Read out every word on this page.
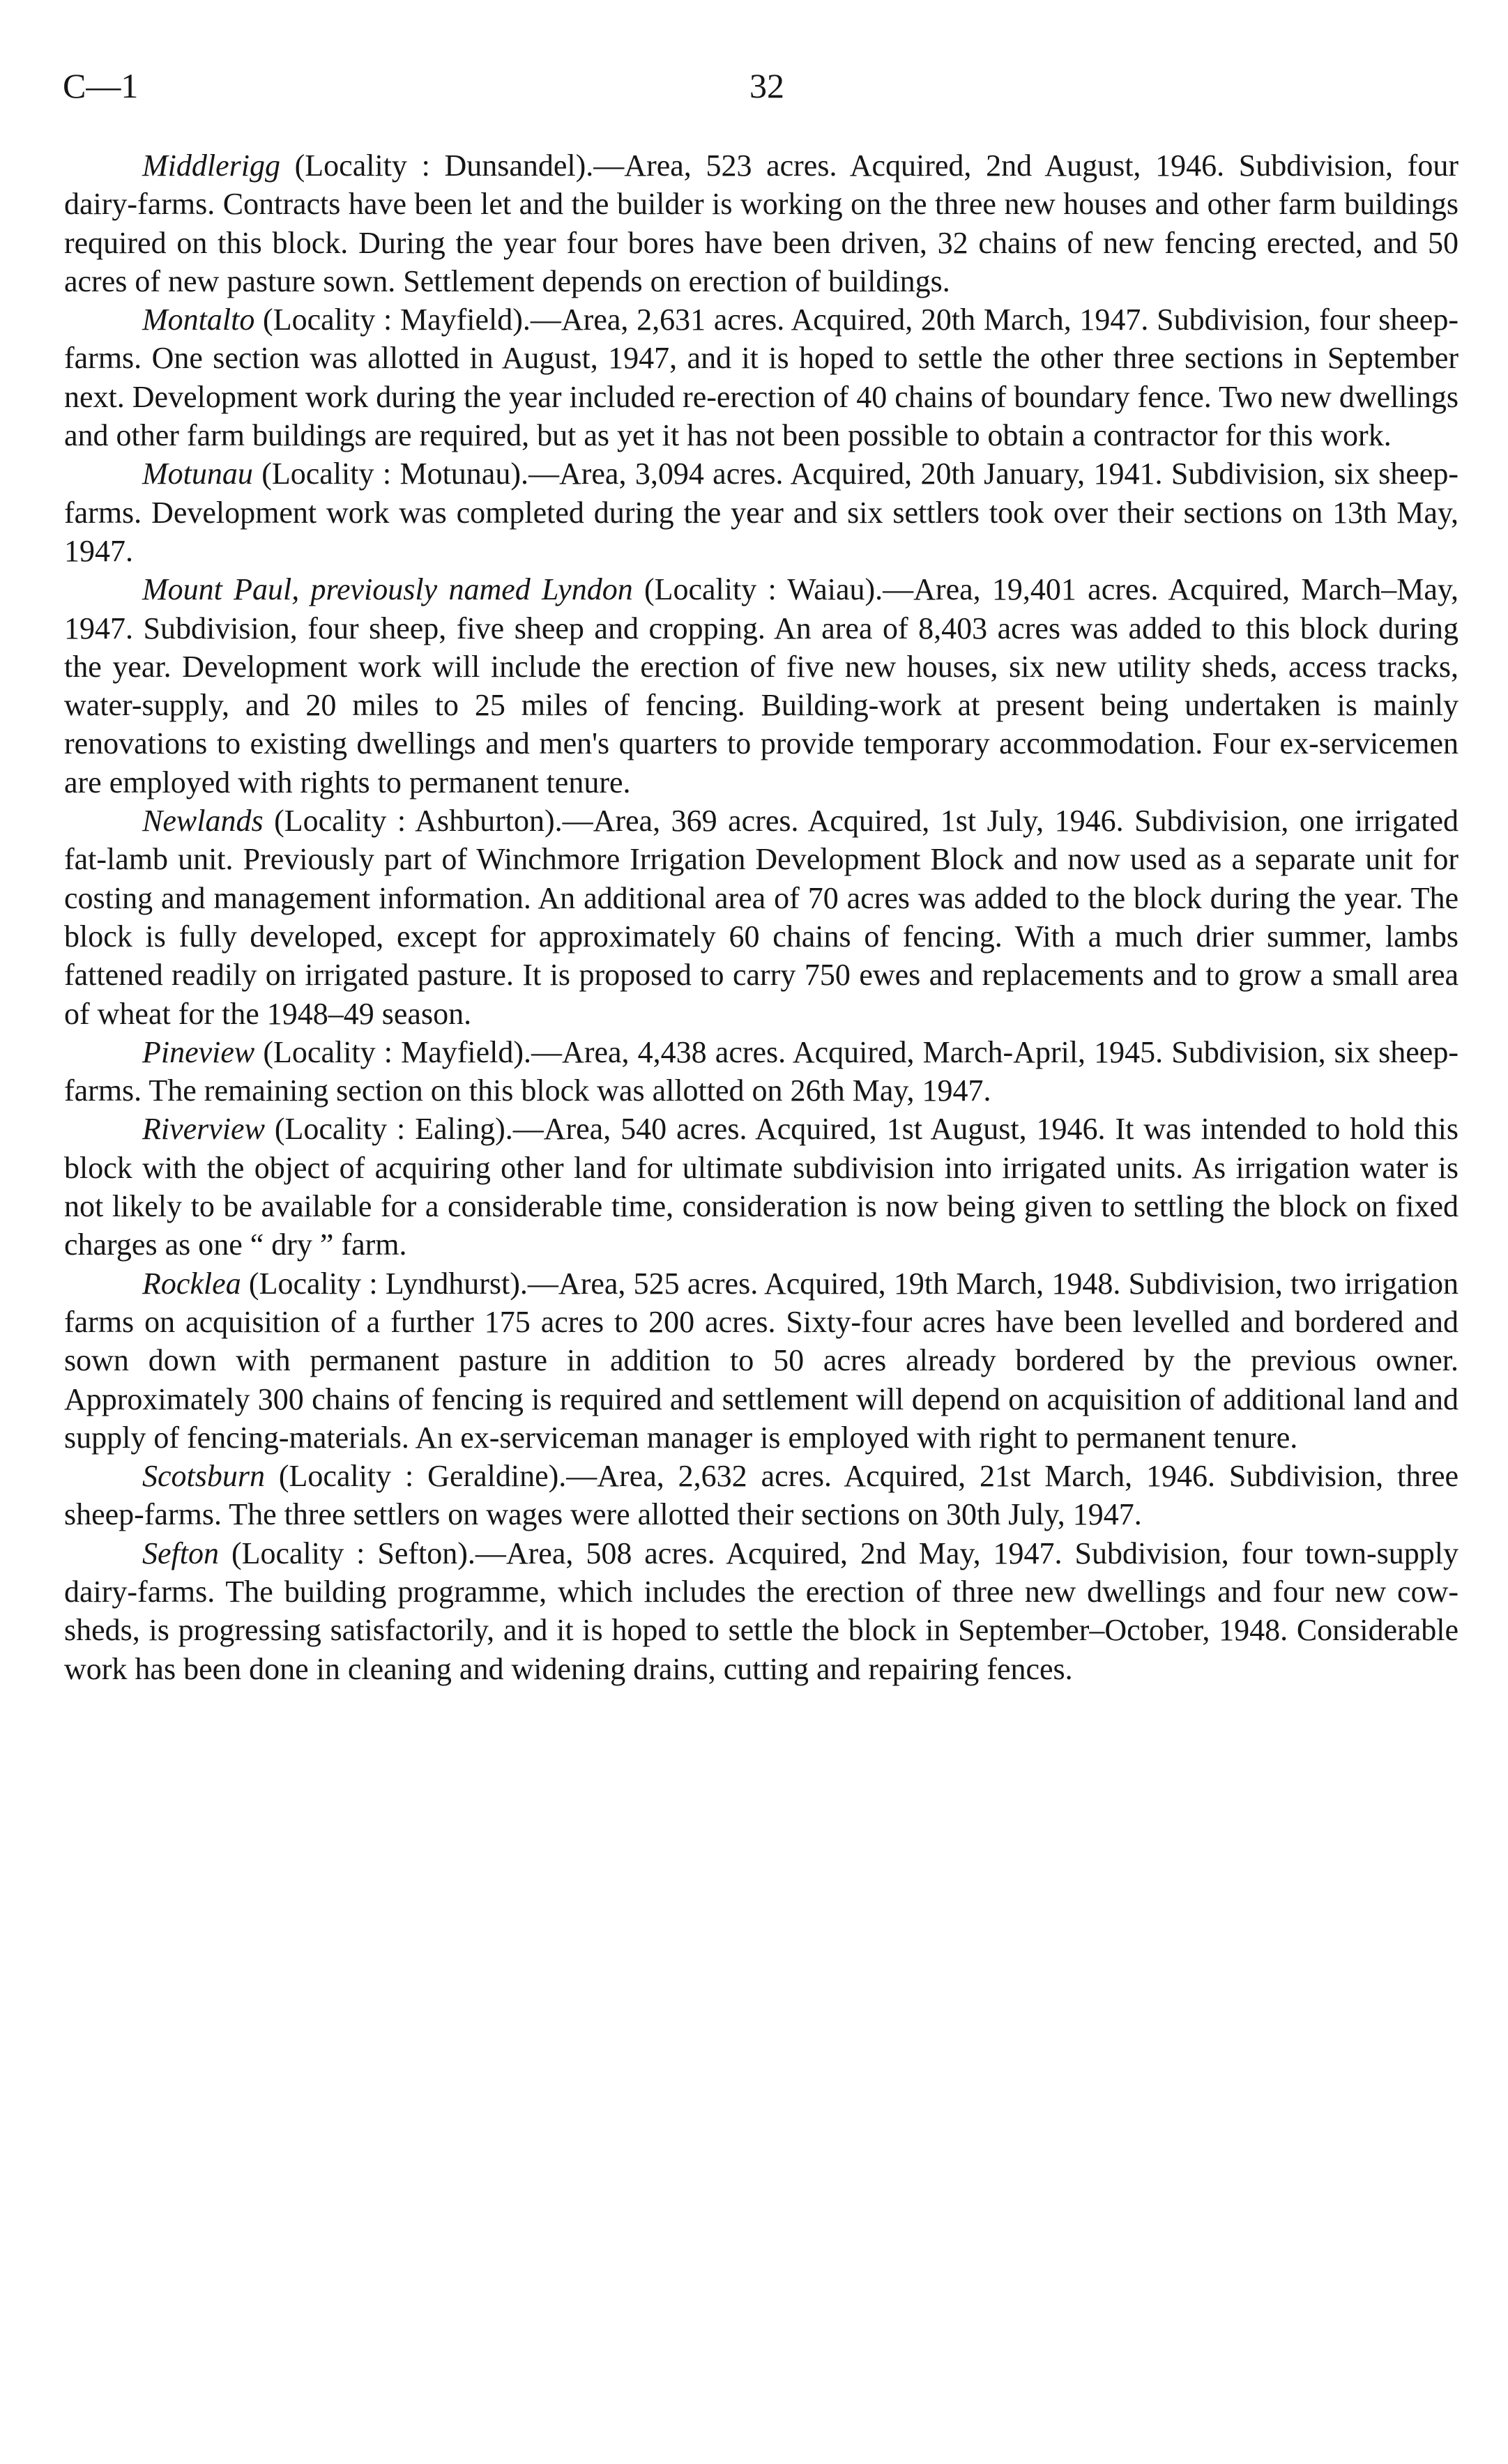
C—1	32

Middlerigg (Locality : Dunsandel).—Area, 523 acres. Acquired, 2nd August, 1946. Subdivision, four dairy-farms. Contracts have been let and the builder is working on the three new houses and other farm buildings required on this block. During the year four bores have been driven, 32 chains of new fencing erected, and 50 acres of new pasture sown. Settlement depends on erection of buildings.

Montalto (Locality : Mayfield).—Area, 2,631 acres. Acquired, 20th March, 1947. Subdivision, four sheep-farms. One section was allotted in August, 1947, and it is hoped to settle the other three sections in September next. Development work during the year included re-erection of 40 chains of boundary fence. Two new dwellings and other farm buildings are required, but as yet it has not been possible to obtain a contractor for this work.

Motunau (Locality : Motunau).—Area, 3,094 acres. Acquired, 20th January, 1941. Subdivision, six sheep-farms. Development work was completed during the year and six settlers took over their sections on 13th May, 1947.

Mount Paul, previously named Lyndon (Locality : Waiau).—Area, 19,401 acres. Acquired, March–May, 1947. Subdivision, four sheep, five sheep and cropping. An area of 8,403 acres was added to this block during the year. Development work will include the erection of five new houses, six new utility sheds, access tracks, water-supply, and 20 miles to 25 miles of fencing. Building-work at present being undertaken is mainly renovations to existing dwellings and men's quarters to provide temporary accommodation. Four ex-servicemen are employed with rights to permanent tenure.

Newlands (Locality : Ashburton).—Area, 369 acres. Acquired, 1st July, 1946. Subdivision, one irrigated fat-lamb unit. Previously part of Winchmore Irrigation Development Block and now used as a separate unit for costing and management information. An additional area of 70 acres was added to the block during the year. The block is fully developed, except for approximately 60 chains of fencing. With a much drier summer, lambs fattened readily on irrigated pasture. It is proposed to carry 750 ewes and replacements and to grow a small area of wheat for the 1948–49 season.

Pineview (Locality : Mayfield).—Area, 4,438 acres. Acquired, March-April, 1945. Subdivision, six sheep-farms. The remaining section on this block was allotted on 26th May, 1947.

Riverview (Locality : Ealing).—Area, 540 acres. Acquired, 1st August, 1946. It was intended to hold this block with the object of acquiring other land for ultimate subdivision into irrigated units. As irrigation water is not likely to be available for a considerable time, consideration is now being given to settling the block on fixed charges as one “ dry ” farm.

Rocklea (Locality : Lyndhurst).—Area, 525 acres. Acquired, 19th March, 1948. Subdivision, two irrigation farms on acquisition of a further 175 acres to 200 acres. Sixty-four acres have been levelled and bordered and sown down with permanent pasture in addition to 50 acres already bordered by the previous owner. Approximately 300 chains of fencing is required and settlement will depend on acquisition of additional land and supply of fencing-materials. An ex-serviceman manager is employed with right to permanent tenure.

Scotsburn (Locality : Geraldine).—Area, 2,632 acres. Acquired, 21st March, 1946. Subdivision, three sheep-farms. The three settlers on wages were allotted their sections on 30th July, 1947.

Sefton (Locality : Sefton).—Area, 508 acres. Acquired, 2nd May, 1947. Subdivision, four town-supply dairy-farms. The building programme, which includes the erection of three new dwellings and four new cow-sheds, is progressing satisfactorily, and it is hoped to settle the block in September–October, 1948. Considerable work has been done in cleaning and widening drains, cutting and repairing fences.
